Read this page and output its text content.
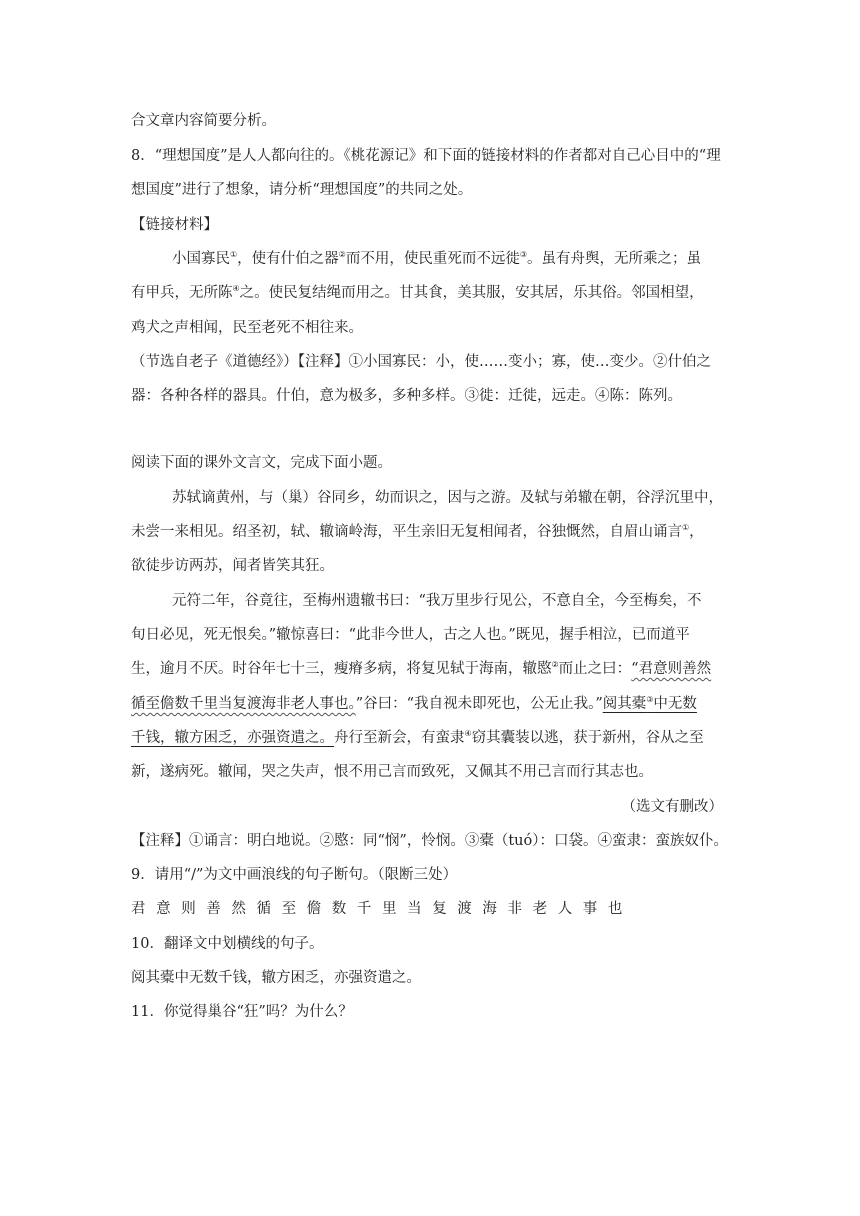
合文章内容简要分析。
8．“理想国度”是人人都向往的。《桃花源记》和下面的链接材料的作者都对自己心目中的“理
想国度”进行了想象，请分析“理想国度”的共同之处。
【链接材料】
小国寡民①，使有什伯之器②而不用，使民重死而不远徙③。虽有舟舆，无所乘之；虽
有甲兵，无所陈④之。使民复结绳而用之。甘其食，美其服，安其居，乐其俗。邻国相望，
鸡犬之声相闻，民至老死不相往来。
（节选自老子《道德经》）【注释】①小国寡民：小，使……变小；寡，使…变少。②什伯之
器：各种各样的器具。什伯，意为极多，多种多样。③徙：迁徙，远走。④陈：陈列。
阅读下面的课外文言文，完成下面小题。
苏轼谪黄州，与（巢）谷同乡，幼而识之，因与之游。及轼与弟辙在朝，谷浮沉里中，
未尝一来相见。绍圣初，轼、辙谪岭海，平生亲旧无复相闻者，谷独慨然，自眉山诵言①，
欲徒步访两苏，闻者皆笑其狂。
元符二年，谷竟往，至梅州遗辙书曰：“我万里步行见公，不意自全，今至梅矣，不
旬日必见，死无恨矣。”辙惊喜曰：“此非今世人，古之人也。”既见，握手相泣，已而道平
生，逾月不厌。时谷年七十三，瘦瘠多病，将复见轼于海南，辙愍②而止之曰：“君意则善然
循至儋数千里当复渡海非老人事也。”谷曰：“我自视未即死也，公无止我。”阅其橐③中无数
千钱，辙方困乏，亦强资遣之。舟行至新会，有蛮隶④窃其囊装以逃，获于新州，谷从之至
新，遂病死。辙闻，哭之失声，恨不用己言而致死，又佩其不用己言而行其志也。
（选文有删改）
【注释】①诵言：明白地说。②愍：同“悯”，怜悯。③橐（tuó）：口袋。④蛮隶：蛮族奴仆。
9．请用“/”为文中画浪线的句子断句。（限断三处）
君意则善然循至儋数千里当复渡海非老人事也
10．翻译文中划横线的句子。
阅其橐中无数千钱，辙方困乏，亦强资遣之。
11．你觉得巢谷“狂”吗？为什么？
